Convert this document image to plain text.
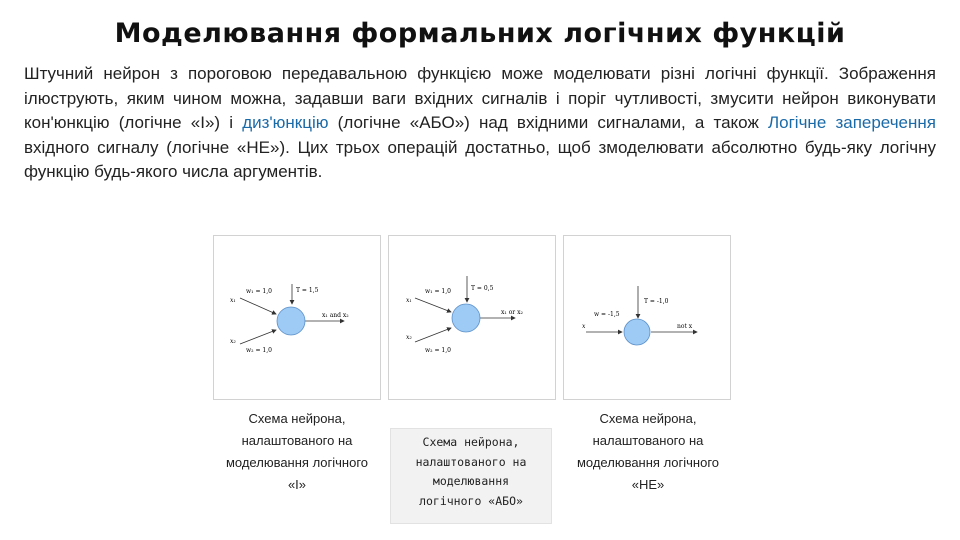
Моделювання формальних логічних функцій
Штучний нейрон з пороговою передавальною функцією може моделювати різні логічні функції. Зображення ілюструють, яким чином можна, задавши ваги вхідних сигналів і поріг чутливості, змусити нейрон виконувати кон'юнкцію (логічне «І») і диз'юнкцію (логічне «АБО») над вхідними сигналами, а також Логічне заперечення вхідного сигналу (логічне «НЕ»). Цих трьох операцій достатньо, щоб змоделювати абсолютно будь-яку логічну функцію будь-якого числа аргументів.
T = 1,5
w₁ = 1,0
w₂ = 1,0
x₁
x₂
x₁ and x₂
T = 0,5
w₁ = 1,0
w₂ = 1,0
x₁
x₂
x₁ or x₂
T = -1,0
w = -1,5
x	not x
Схема нейрона,
налаштованого на
моделювання логічного
«І»
Схема нейрона,
налаштованого на
моделювання
логічного «АБО»
Схема нейрона,
налаштованого на
моделювання логічного
«НЕ»
